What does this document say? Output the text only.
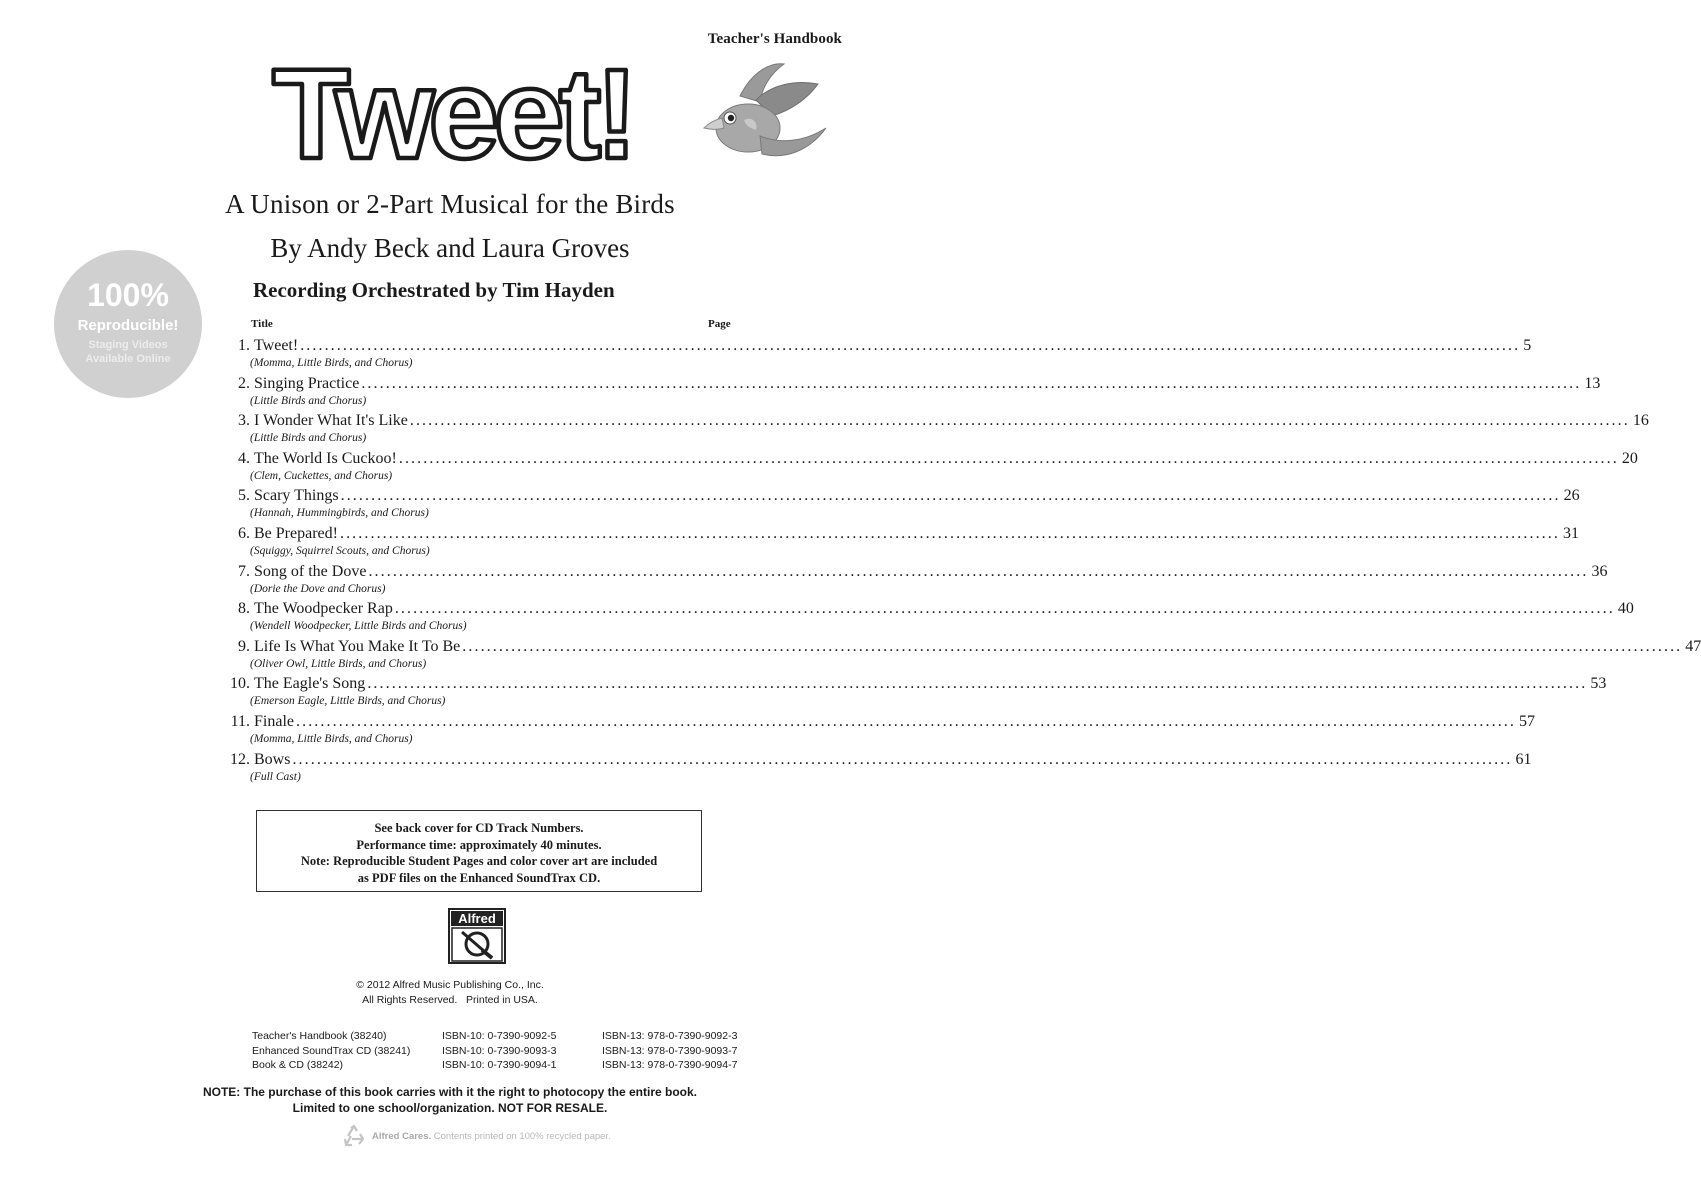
Teacher's Handbook
Tweet!
100%
Reproducible!
Staging Videos
Available Online
A Unison or 2-Part Musical for the Birds
By Andy Beck and Laura Groves
Recording Orchestrated by Tim Hayden
Title	Page
1. Tweet! ........................................................................................................................................................................................................ 5
(Momma, Little Birds, and Chorus)
2. Singing Practice ........................................................................................................................................................................................................ 13
(Little Birds and Chorus)
3. I Wonder What It's Like ........................................................................................................................................................................................................ 16
(Little Birds and Chorus)
4. The World Is Cuckoo! ........................................................................................................................................................................................................ 20
(Clem, Cuckettes, and Chorus)
5. Scary Things ........................................................................................................................................................................................................ 26
(Hannah, Hummingbirds, and Chorus)
6. Be Prepared! ........................................................................................................................................................................................................ 31
(Squiggy, Squirrel Scouts, and Chorus)
7. Song of the Dove ........................................................................................................................................................................................................ 36
(Dorie the Dove and Chorus)
8. The Woodpecker Rap ........................................................................................................................................................................................................ 40
(Wendell Woodpecker, Little Birds and Chorus)
9. Life Is What You Make It To Be ........................................................................................................................................................................................................ 47
(Oliver Owl, Little Birds, and Chorus)
10. The Eagle's Song ........................................................................................................................................................................................................ 53
(Emerson Eagle, Little Birds, and Chorus)
11. Finale ........................................................................................................................................................................................................ 57
(Momma, Little Birds, and Chorus)
12. Bows ........................................................................................................................................................................................................ 61
(Full Cast)
See back cover for CD Track Numbers.
Performance time: approximately 40 minutes.
Note: Reproducible Student Pages and color cover art are included
as PDF files on the Enhanced SoundTrax CD.
Alfred
© 2012 Alfred Music Publishing Co., Inc.
All Rights Reserved.   Printed in USA.
Teacher's Handbook (38240)	ISBN-10: 0-7390-9092-5	ISBN-13: 978-0-7390-9092-3
Enhanced SoundTrax CD (38241)	ISBN-10: 0-7390-9093-3	ISBN-13: 978-0-7390-9093-7
Book & CD (38242)	ISBN-10: 0-7390-9094-1	ISBN-13: 978-0-7390-9094-7
NOTE: The purchase of this book carries with it the right to photocopy the entire book.
Limited to one school/organization. NOT FOR RESALE.
Alfred Cares. Contents printed on 100% recycled paper.
